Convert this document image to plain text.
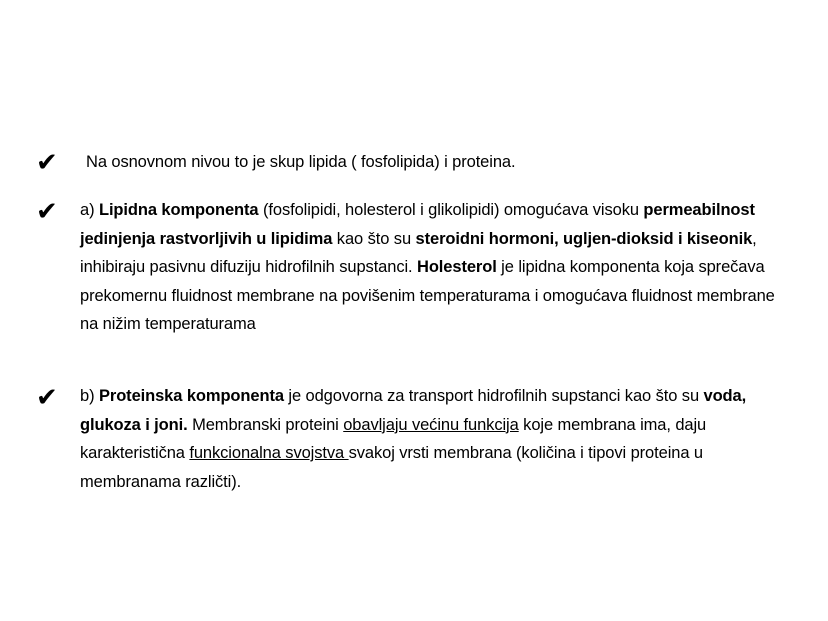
✔ Na osnovnom nivou to je skup lipida ( fosfolipida) i proteina.
✔ a) Lipidna komponenta (fosfolipidi, holesterol i glikolipidi) omogućava visoku permeabilnost jedinjenja rastvorljivih u lipidima kao što su steroidni hormoni, ugljen-dioksid i kiseonik, inhibiraju pasivnu difuziju hidrofilnih supstanci. Holesterol je lipidna komponenta koja sprečava prekomernu fluidnost membrane na povišenim temperaturama i omogućava fluidnost membrane na nižim temperaturama
✔ b) Proteinska komponenta je odgovorna za transport hidrofilnih supstanci kao što su voda, glukoza i joni. Membranski proteini obavljaju većinu funkcija koje membrana ima, daju karakteristična funkcionalna svojstva svakoj vrsti membrana (količina i tipovi proteina u membranama različti).
